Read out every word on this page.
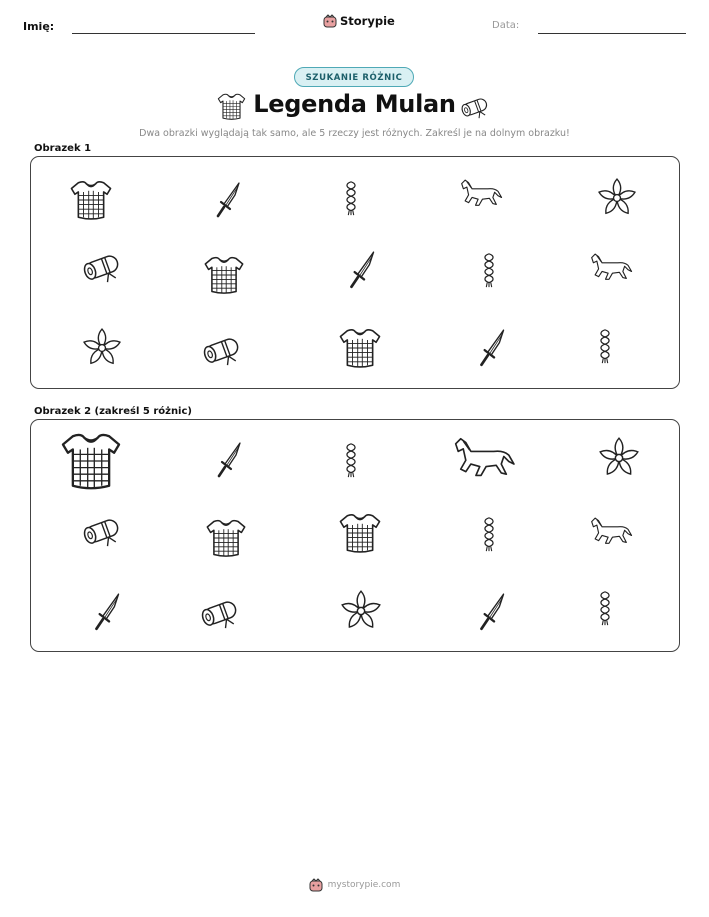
Imię:	Storypie	Data:
SZUKANIE RÓŻNIC
Legenda Mulan
Dwa obrazki wyglądają tak samo, ale 5 rzeczy jest różnych. Zakreśl je na dolnym obrazku!
Obrazek 1
Obrazek 2 (zakreśl 5 różnic)
mystorypie.com
